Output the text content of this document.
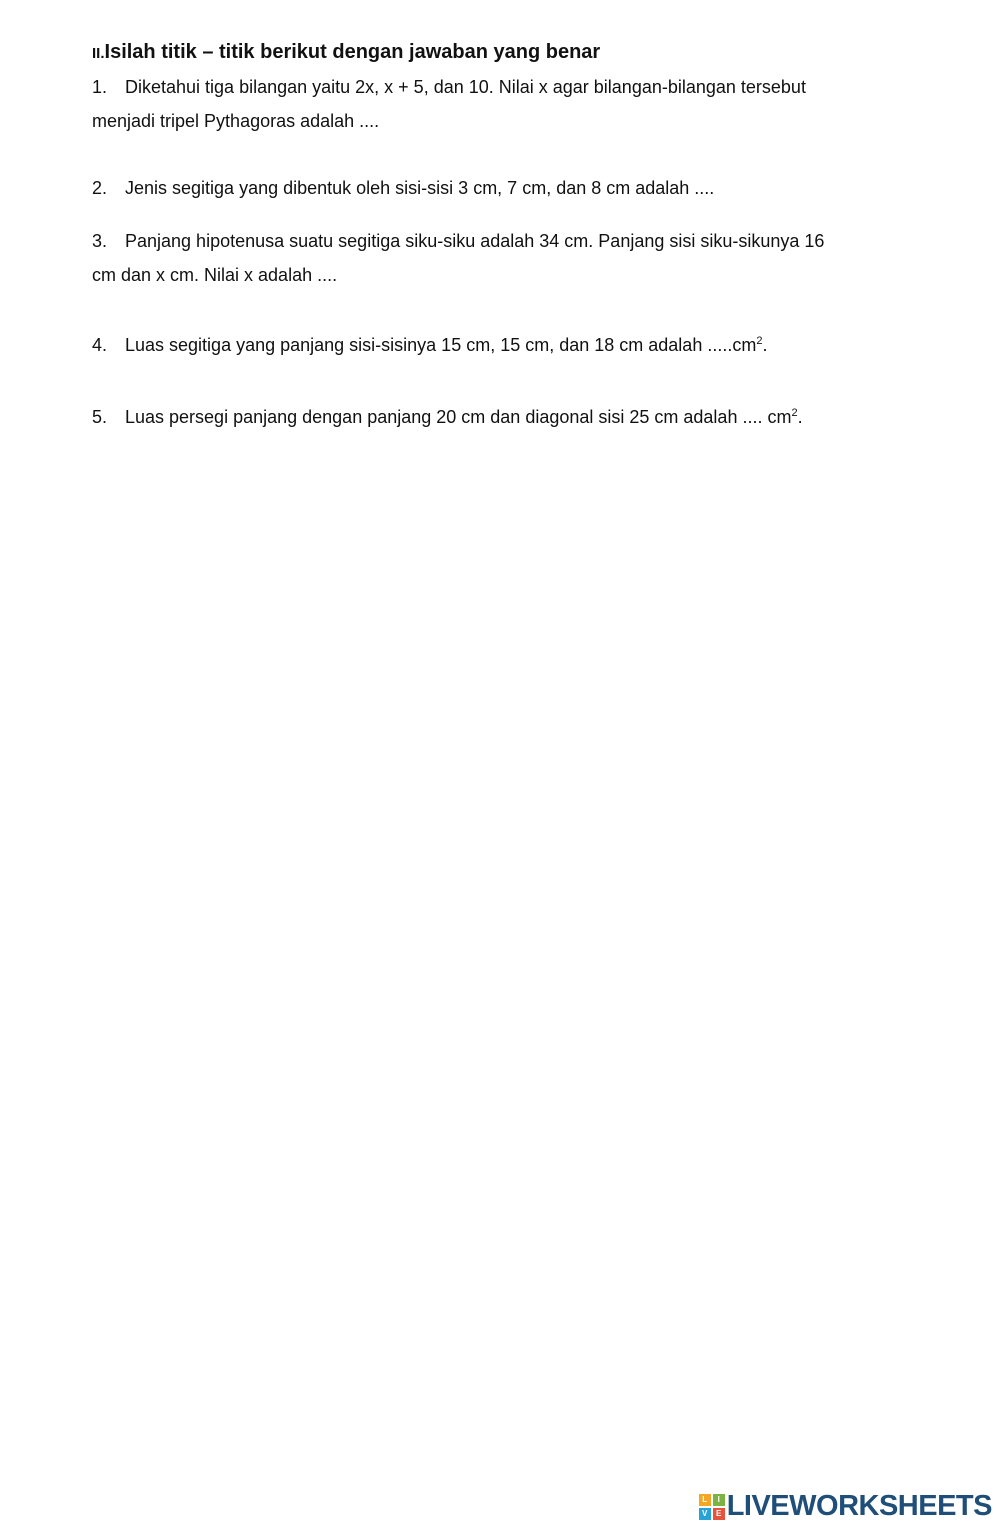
II.Isilah titik – titik berikut dengan jawaban yang benar
1. Diketahui tiga bilangan yaitu 2x, x + 5, dan 10. Nilai x agar bilangan-bilangan tersebut
menjadi tripel Pythagoras adalah ....
2. Jenis segitiga yang dibentuk oleh sisi-sisi 3 cm, 7 cm, dan 8 cm adalah ....
3. Panjang hipotenusa suatu segitiga siku-siku adalah 34 cm. Panjang sisi siku-sikunya 16
cm dan x cm. Nilai x adalah ....
4. Luas segitiga yang panjang sisi-sisinya 15 cm, 15 cm, dan 18 cm adalah $.....cm^2$.
5. Luas persegi panjang dengan panjang 20 cm dan diagonal sisi 25 cm adalah .... $cm^2$.
L	I
V	E LIVEWORKSHEETS
